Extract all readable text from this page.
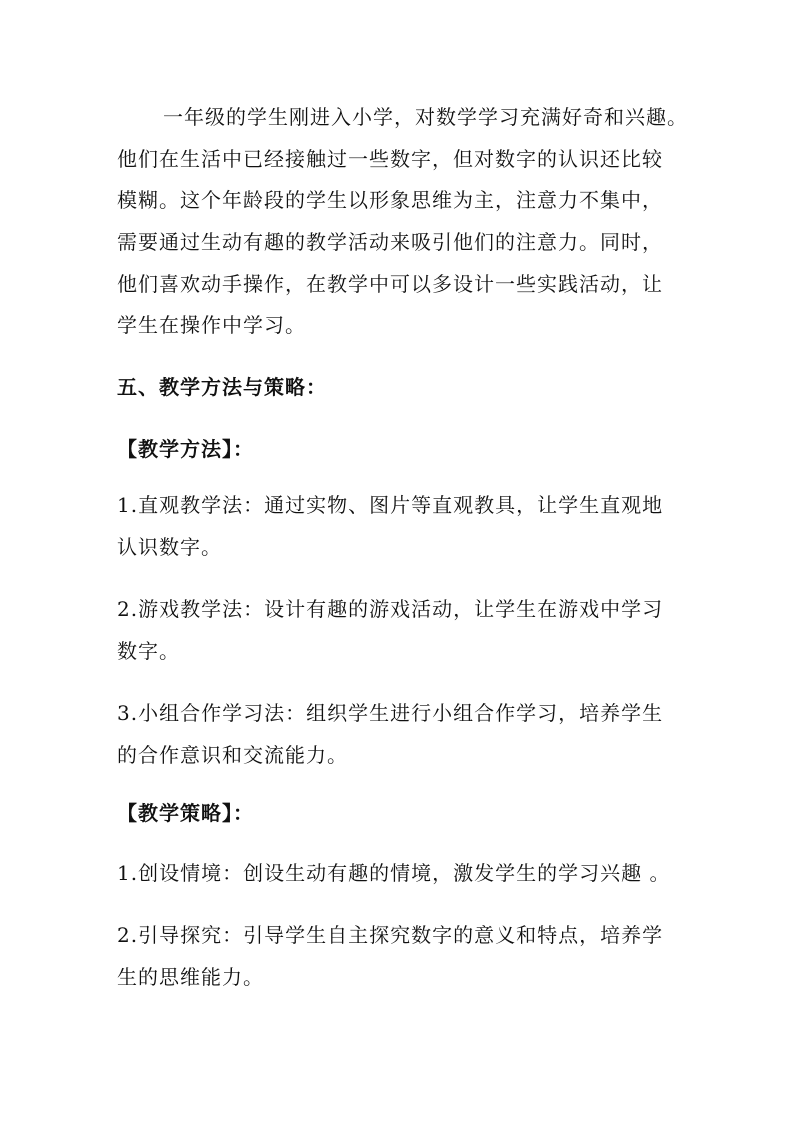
一年级的学生刚进入小学，对数学学习充满好奇和兴趣。
他们在生活中已经接触过一些数字，但对数字的认识还比较
模糊。这个年龄段的学生以形象思维为主，注意力不集中，
需要通过生动有趣的教学活动来吸引他们的注意力。同时，
他们喜欢动手操作，在教学中可以多设计一些实践活动，让
学生在操作中学习。
五、教学方法与策略：
【教学方法】：
1.直观教学法：通过实物、图片等直观教具，让学生直观地
认识数字。
2.游戏教学法：设计有趣的游戏活动，让学生在游戏中学习
数字。
3.小组合作学习法：组织学生进行小组合作学习，培养学生
的合作意识和交流能力。
【教学策略】：
1.创设情境：创设生动有趣的情境，激发学生的学习兴趣 。
2.引导探究：引导学生自主探究数字的意义和特点，培养学
生的思维能力。
